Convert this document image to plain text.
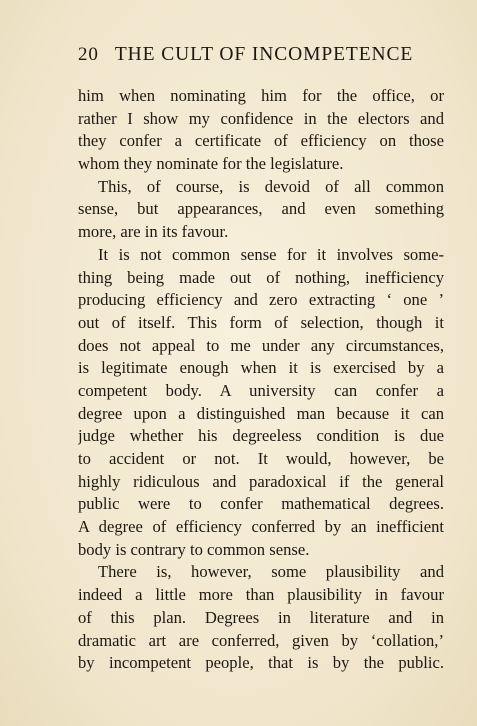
20 THE CULT OF INCOMPETENCE
him when nominating him for the office, or
rather I show my confidence in the electors and
they confer a certificate of efficiency on those
whom they nominate for the legislature.
This, of course, is devoid of all common
sense, but appearances, and even something
more, are in its favour.
It is not common sense for it involves some-
thing being made out of nothing, inefficiency
producing efficiency and zero extracting ‘ one ’
out of itself. This form of selection, though it
does not appeal to me under any circumstances,
is legitimate enough when it is exercised by a
competent body. A university can confer a
degree upon a distinguished man because it can
judge whether his degreeless condition is due
to accident or not. It would, however, be
highly ridiculous and paradoxical if the general
public were to confer mathematical degrees.
A degree of efficiency conferred by an inefficient
body is contrary to common sense.
There is, however, some plausibility and
indeed a little more than plausibility in favour
of this plan. Degrees in literature and in
dramatic art are conferred, given by ‘collation,’
by incompetent people, that is by the public.
